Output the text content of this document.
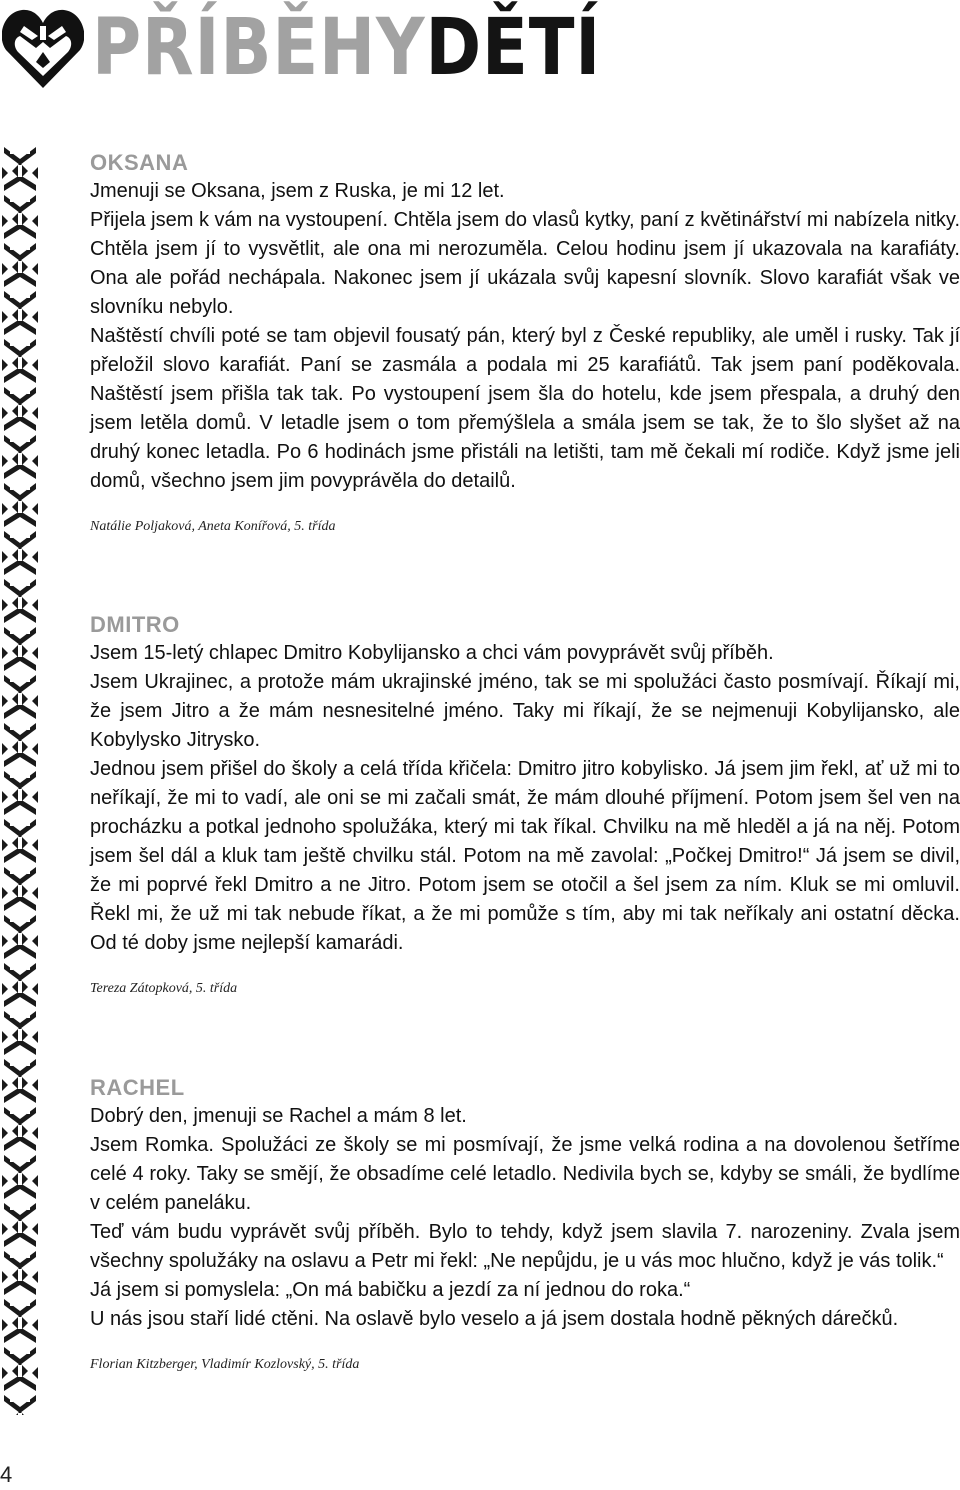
PŘÍBĚHYDĚTÍ
OKSANA

Jmenuji se Oksana, jsem z Ruska, je mi 12 let.

Přijela jsem k vám na vystoupení. Chtěla jsem do vlasů kytky, paní z květinářství mi nabízela nitky. Chtěla jsem jí to vysvětlit, ale ona mi nerozuměla. Celou hodinu jsem jí ukazovala na karafiáty. Ona ale pořád nechápala. Nakonec jsem jí ukázala svůj kapesní slovník. Slovo karafiát však ve slovníku nebylo.

Naštěstí chvíli poté se tam objevil fousatý pán, který byl z České republiky, ale uměl i rusky. Tak jí přeložil slovo karafiát. Paní se zasmála a podala mi 25 karafiátů. Tak jsem paní poděkovala. Naštěstí jsem přišla tak tak. Po vystoupení jsem šla do hotelu, kde jsem přespala, a druhý den jsem letěla domů. V letadle jsem o tom přemýšlela a smála jsem se tak, že to šlo slyšet až na druhý konec letadla. Po 6 hodinách jsme přistáli na letišti, tam mě čekali mí rodiče. Když jsme jeli domů, všechno jsem jim povyprávěla do detailů.

Natálie Poljaková, Aneta Konířová, 5. třída

DMITRO

Jsem 15-letý chlapec Dmitro Kobylijansko a chci vám povyprávět svůj příběh.

Jsem Ukrajinec, a protože mám ukrajinské jméno, tak se mi spolužáci často posmívají. Říkají mi, že jsem Jitro a že mám nesnesitelné jméno. Taky mi říkají, že se nejmenuji Kobylijansko, ale Kobylysko Jitrysko.

Jednou jsem přišel do školy a celá třída křičela: Dmitro jitro kobylisko. Já jsem jim řekl, ať už mi to neříkají, že mi to vadí, ale oni se mi začali smát, že mám dlouhé příjmení. Potom jsem šel ven na procházku a potkal jednoho spolužáka, který mi tak říkal. Chvilku na mě hleděl a já na něj. Potom jsem šel dál a kluk tam ještě chvilku stál. Potom na mě zavolal: „Počkej Dmitro!“ Já jsem se divil, že mi poprvé řekl Dmitro a ne Jitro. Potom jsem se otočil a šel jsem za ním. Kluk se mi omluvil. Řekl mi, že už mi tak nebude říkat, a že mi pomůže s tím, aby mi tak neříkaly ani ostatní děcka. Od té doby jsme nejlepší kamarádi.

Tereza Zátopková, 5. třída

RACHEL

Dobrý den, jmenuji se Rachel a mám 8 let.

Jsem Romka. Spolužáci ze školy se mi posmívají, že jsme velká rodina a na dovolenou šetříme celé 4 roky. Taky se smějí, že obsadíme celé letadlo. Nedivila bych se, kdyby se smáli, že bydlíme v celém paneláku.

Teď vám budu vyprávět svůj příběh. Bylo to tehdy, když jsem slavila 7. narozeniny. Zvala jsem všechny spolužáky na oslavu a Petr mi řekl: „Ne nepůjdu, je u vás moc hlučno, když je vás tolik.“

Já jsem si pomyslela: „On má babičku a jezdí za ní jednou do roka.“

U nás jsou staří lidé ctěni. Na oslavě bylo veselo a já jsem dostala hodně pěkných dárečků.

Florian Kitzberger, Vladimír Kozlovský, 5. třída

4
